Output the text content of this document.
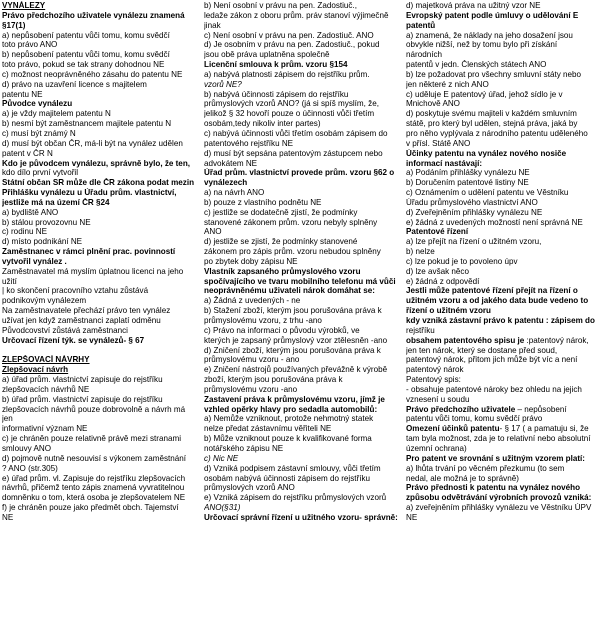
VYNÁLEZY
Právo předchozího uživatele vynálezu znamená
§17(1)
a) nepůsobení patentu vůči tomu, komu svědčí
toto právo ANO
b) nepůsobení patentu vůči tomu, komu svědčí
toto právo, pokud se tak strany dohodnou NE
c) možnost neoprávněného zásahu do patentu NE
d) právo na uzavření licence s majitelem
patentu NE
Původce vynálezu
a) je vždy majitelem patentu N
b) nesmí být zaměstnancem majitele patentu N
c) musí být známý N
d) musí být občan ČR, má-li být na vynález udělen
patent v ČR N
Kdo je původcem vynálezu, správně bylo, že ten,
kdo dílo první vytvořil
Státní občan SR může dle ČR zákona podat mezin
Přihlášku vynálezu u Úřadu prům. vlastnictví,
jestliže má na území ČR §24
a) bydliště ANO
b) stálou provozovnu NE
c) rodinu NE
d) místo podnikání NE
Zaměstnanec v rámci plnění prac. povinností
vytvořil vynález .
Zaměstnavatel má myslím úplatnou licenci na jeho
užití
| ko skončení pracovního vztahu zůstává
podnikovým vynálezem
Na zaměstnavatele přechází právo ten vynález
užívat jen když zaměstnanci zaplatí odměnu
Původcovství zůstává zaměstnanci
Určovací řízení týk. se vynálezů- § 67

ZLEPŠOVACÍ NÁVRHY
Zlepšovací návrh
a) úřad prům. vlastnictví zapisuje do rejstříku
zlepšovacích návrhů NE
b) úřad prům. vlastnictví zapisuje do rejstříku
zlepšovacích návrhů pouze dobrovolně a návrh má
jen
informativní význam NE
c) je chráněn pouze relativně právě mezi stranami
smlouvy ANO
d) pojmově nutně nesouvisí s výkonem zaměstnání
? ANO (str.305)
e) úřad prům. vl. Zapisuje do rejstříku zlepšovacích
návrhů, přičemž tento zápis znamená vyvratitelnou
domněnku o tom, která osoba je zlepšovatelem NE
f) je chráněn pouze jako předmět obch. Tajemství
NE
b) Není osobní v právu na pen. Zadostiuč.,
ledaže zákon z oboru prům. práv stanoví výjimečně
jinak
c) Není osobní v právu na pen. Zadostiuč. ANO
d) Je osobním v právu na pen. Zadostiuč., pokud
jsou obě práva uplatněna společně
Licenční smlouva k prům. vzoru §154
a) nabývá platnosti zápisem do rejstříku prům.
vzorů NE?
b) nabývá účinnosti zápisem do rejstříku
průmyslových vzorů ANO? (já si spíš myslím, že,
jelikož § 32 hovoří pouze o účinnosti vůči třetím
osobám,tedy nikoliv inter partes)
c) nabývá účinnosti vůči třetím osobám zápisem do
patentového rejstříku NE
d) musí být sepsána patentovým zástupcem nebo
advokátem NE
Úřad prům. vlastnictví provede prům. vzoru §62 o
vynálezech
a) na návrh ANO
b) pouze z vlastního podnětu NE
c) jestliže se dodatečně zjistí, že podmínky
stanovené zákonem prům. vzoru nebyly splněny
ANO
d) jestliže se zjistí, že podmínky stanovené
zákonem pro zápis prům. vzoru nebudou splněny
po zbytek doby zápisu NE
Vlastník zapsaného průmyslového vzoru
spočívajícího ve tvaru mobilního telefonu má vůči
neoprávněnému uživateli nárok domáhat se:
a) Žádná z uvedených - ne
b) Stažení zboží, kterým jsou porušována práva k
průmyslovému vzoru, z trhu -ano
c) Právo na informaci o původu výrobků, ve
kterých je zapsaný průmyslový vzor ztělesněn -ano
d) Zničení zboží, kterým jsou porušována práva k
průmyslovému vzoru - ano
e) Zničení nástrojů používaných převážně k výrobě
zboží, kterým jsou porušována práva k
průmyslovému vzoru -ano
Zastavení práva k průmyslovému vzoru, jímž je
vzhled opěrky hlavy pro sedadla automobilů:
a) Nemůže vzniknout, protože nehmotný statek
nelze předat zástavnímu věřiteli NE
b) Může vzniknout pouze k kvalifikované forma
notářského zápisu NE
c) Nic NE
d) Vzniká podpisem zástavní smlouvy, vůči třetím
osobám nabývá účinnosti zápisem do rejstříku
průmyslových vzorů ANO
e) Vzniká zápisem do rejstříku průmyslových vzorů
ANO(§31)
Určovací správní řízení u užitného vzoru- správně:
d) majetková práva na užitný vzor NE
Evropský patent podle úmluvy o udělování E
patentů
a) znamená, že náklady na jeho dosažení jsou
obvykle nižší, než by tomu bylo při získání
národních
patentů v jedn. Členských státech ANO
b) lze požadovat pro všechny smluvní státy nebo
jen některé z nich ANO
c) uděluje E patentový úřad, jehož sídlo je v
Mnichově ANO
d) poskytuje svému majiteli v každém smluvním
státě, pro který byl udělen, stejná práva, jaká by
pro něho vyplývala z národního patentu uděleného
v přísl. Státě ANO
Účinky patentu na vynález nového nosiče
informací nastávají:
a) Podáním přihlášky vynálezu NE
b) Doručením patentové listiny NE
c) Oznámením o udělení patentu ve Věstníku
Úřadu průmyslového vlastnictví ANO
d) Zveřejněním přihlášky vynálezu NE
e) žádná z uvedených možností není správná NE
Patentové řízení
a) lze přejít na řízení o užitném vzoru,
b) nelze
c) lze pokud je to povoleno úpv
d) lze avšak něco
e) žádná z odpovědí
Jestli může patentové řízení přejít na řízení o
užitném vzoru a od jakého data bude vedeno to
řízení o užitném vzoru
kdy vzniká zástavní právo k patentu : zápisem do
rejstříku
obsahem patentového spisu je :patentový nárok,
jen ten nárok, který se dostane před soud,
patentový nárok, přitom jich může být víc a není
patentový nárok
Patentový spis:
- obsahuje patentové nároky bez ohledu na jejich
vznesení u soudu
Právo předchozího uživatele – nepůsobení
patentu vůči tomu, komu svědčí právo
Omezení účinků patentu- § 17 ( a pamatuju si, že
tam byla možnost, zda je to relativní nebo absolutní
územní ochrana)
Pro patent ve srovnání s užitným vzorem platí:
a) lhůta trvání po věcném přezkumu (to sem
nedal, ale možná je to správně)
Právo přednosti k patentu na vynález nového
způsobu odvětrávání výrobních provozů vzniká:
a) zveřejněním přihlášky vynálezu ve Věstníku ÚPV
NE
